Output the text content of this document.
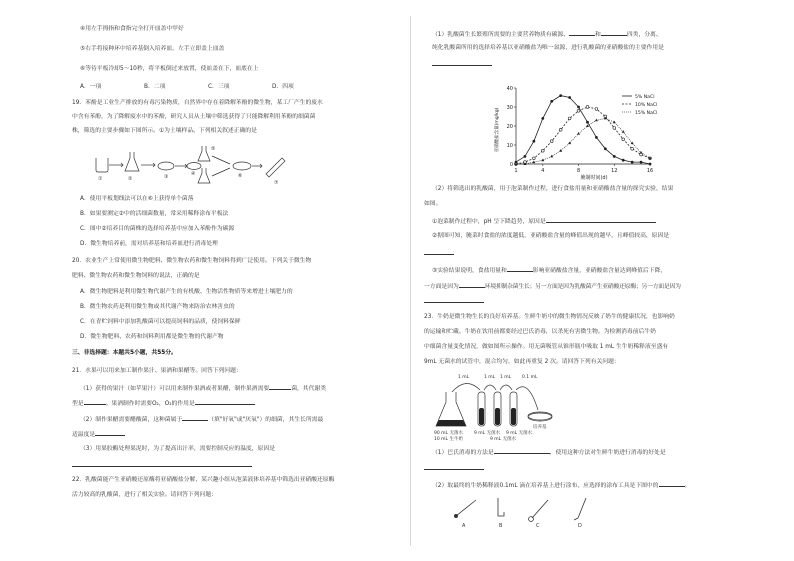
④用左手拇指和食指完全打开皿盖中甲好
⑤右手将接种环中培养基倒入培养皿，左手立即盖上皿盖
⑥等待平板冷却5～10秒，将平板倒过来放置，使皿盖在下，皿底在上
A．一项	B．二项	C．三项	D．四项
19．苯酚是工业生产排放的有毒污染物质，自然界中存在着降解苯酚的微生物，某工厂产生的废水
中含有苯酚，为了降解废水中的苯酚，研究人员从土壤中筛选获得了只能降解利用苯酚的细菌菌
株，筛选的主要步骤如下图所示。①为土壤样品。下列相关叙述正确的是
①	②	③	④
⑤
⑥
⑦
A．使用平板划线法可以在⑥上获得单个菌落
B．如果要测定②中的活细菌数量，常采用稀释涂布平板法
C．图中②培养目的菌株的选择培养基中应加入苯酚作为碳源
D．微生物培养前，需对培养基和培养皿进行消毒处理
20．农业生产上常使用微生物肥料、微生物农药和微生物饲料得到广泛使用。下列关于微生物
肥料、微生物农药和微生物饲料的说法，正确的是
A．微生物肥料是利用微生物代谢产生的有机酸、生物活性物质等来增进土壤肥力的
B．微生物农药是利用微生物或其代谢产物来防治农林害虫的
C．在青贮饲料中添加乳酸菌可以提高饲料的品质，使饲料保鲜
D．微生物肥料、农药和饲料利用都是微生物的代谢产物
三、非选择题：本题共5小题，共55分。
21．水果可以用来加工制作果汁、果酒和果醋等。回答下列问题：
（1）获得的果汁（如苹果汁）可以用来制作果酒或者果醋，制作果酒需要	菌，其代谢类
型是	。果酒制作时需要O₂，O₂的作用是
（2）制作果醋需要醋酸菌，这种菌属于	（填"好氧"或"厌氧"）的细菌，其生长所需最
适温度是
（3）用果胶酶处理果泥时，为了提高出汁率，需要控制反应的温度，原因是
22．乳酸菌能产生亚硝酸还原酶将亚硝酸盐分解，某兴趣小组从泡菜液体培养基中筛选出亚硝酸还原酶
活力较高的乳酸菌，进行了相关实验。请回答下列问题：
（1）乳酸菌生长繁殖所需要的主要营养物质有碳源、	和	四类，分离、
纯化乳酸菌所用的选择培养基以亚硝酸盐为唯一氮源，进行乳酸菌的亚硝酸盐的主要作用是
1	4	8	12	16
0
10
20
30
40
5% NaCl
10% NaCl
15% NaCl
腌制时间(d)
亚硝酸盐含量(mg/kg)
（2）将筛选出的乳酸菌，用于泡菜制作过程，进行食盐用量和亚硝酸盐含量的探究实验，结果
如图。
①泡菜制作过程中，pH 呈下降趋势，原因是
②据图可知，腌菜时食盐的浓度越低，亚硝酸盐含量的峰值出现的越早，且峰值较高，原因是
③实验结果说明，食盐用量和	影响亚硝酸盐含量，亚硝酸盐含量达到峰值后下降，
一方面是因为	环境抑制杂菌生长；另一方面是因为乳酸菌产生亚硝酸还原酶；另一方面是因为
23．牛奶是微生物生长的良好培养基。生鲜牛奶中的微生物情况反映了奶牛的健康状况，也影响奶
的运输和贮藏。牛奶在饮用前都要经过巴氏消毒，以杀死有害微生物。为检测消毒前后牛奶
中细菌含量变化情况，做如图所示操作。用无菌吸管从锥形瓶中吸取 1 mL 生牛奶稀释液至盛有
9mL 无菌水的试管中，混合均匀，如此再重复 2 次。请回答下列有关问题：
1 mL	1 mL 1 mL 0.1 mL
90 mL 无菌水
10 mL 生牛奶
9 mL 无菌水
9 mL 无菌水
9 mL 无菌水
培养基
（1）巴氏消毒的方法是	，使用这种方法对生鲜牛奶进行消毒的好处是
（2）取最终的牛奶稀释液0.1mL 滴在培养基上进行涂布，应选择的涂布工具是下图中的	。
A	B	C	D
